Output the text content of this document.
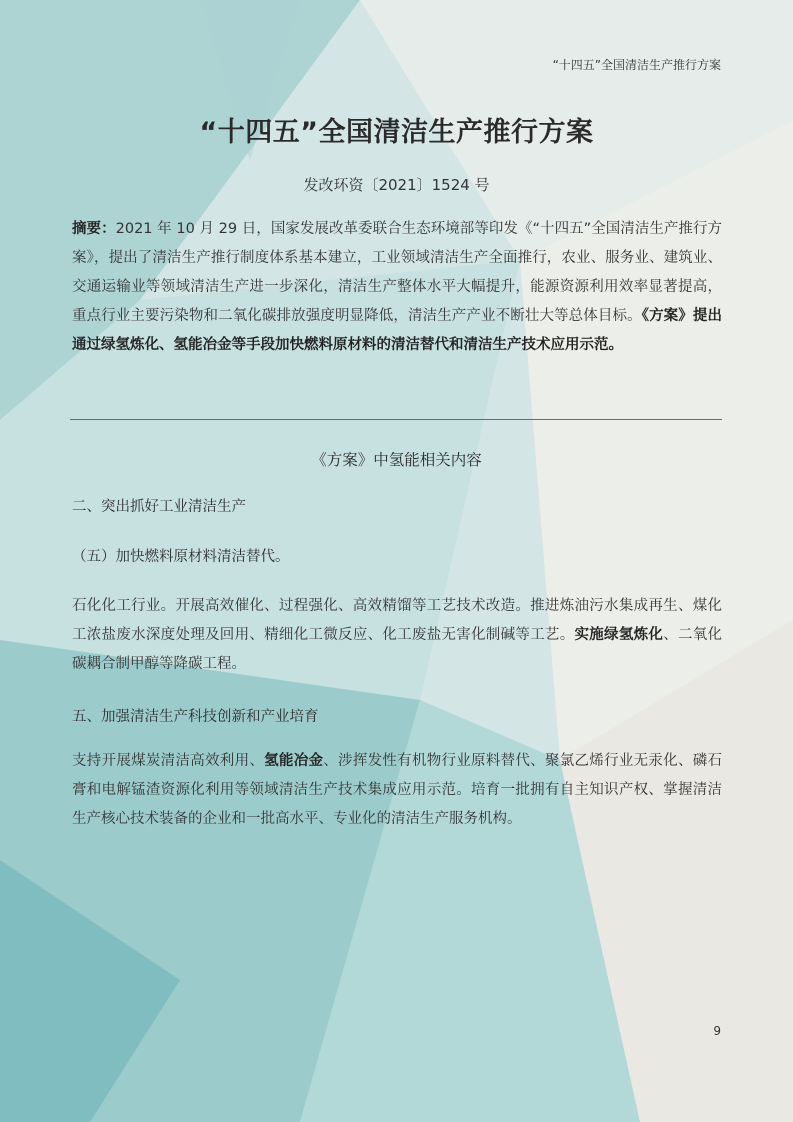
“十四五”全国清洁生产推行方案
“十四五”全国清洁生产推行方案
发改环资〔2021〕1524 号
摘要：2021 年 10 月 29 日，国家发展改革委联合生态环境部等印发《“十四五”全国清洁生产推行方案》，提出了清洁生产推行制度体系基本建立，工业领域清洁生产全面推行，农业、服务业、建筑业、交通运输业等领域清洁生产进一步深化，清洁生产整体水平大幅提升，能源资源利用效率显著提高，重点行业主要污染物和二氧化碳排放强度明显降低，清洁生产产业不断壮大等总体目标。《方案》提出通过绿氢炼化、氢能冶金等手段加快燃料原材料的清洁替代和清洁生产技术应用示范。
《方案》中氢能相关内容
二、突出抓好工业清洁生产
（五）加快燃料原材料清洁替代。
石化化工行业。开展高效催化、过程强化、高效精馏等工艺技术改造。推进炼油污水集成再生、煤化工浓盐废水深度处理及回用、精细化工微反应、化工废盐无害化制碱等工艺。实施绿氢炼化、二氧化碳耦合制甲醇等降碳工程。
五、加强清洁生产科技创新和产业培育
支持开展煤炭清洁高效利用、氢能冶金、涉挥发性有机物行业原料替代、聚氯乙烯行业无汞化、磷石膏和电解锰渣资源化利用等领域清洁生产技术集成应用示范。培育一批拥有自主知识产权、掌握清洁生产核心技术装备的企业和一批高水平、专业化的清洁生产服务机构。
9
